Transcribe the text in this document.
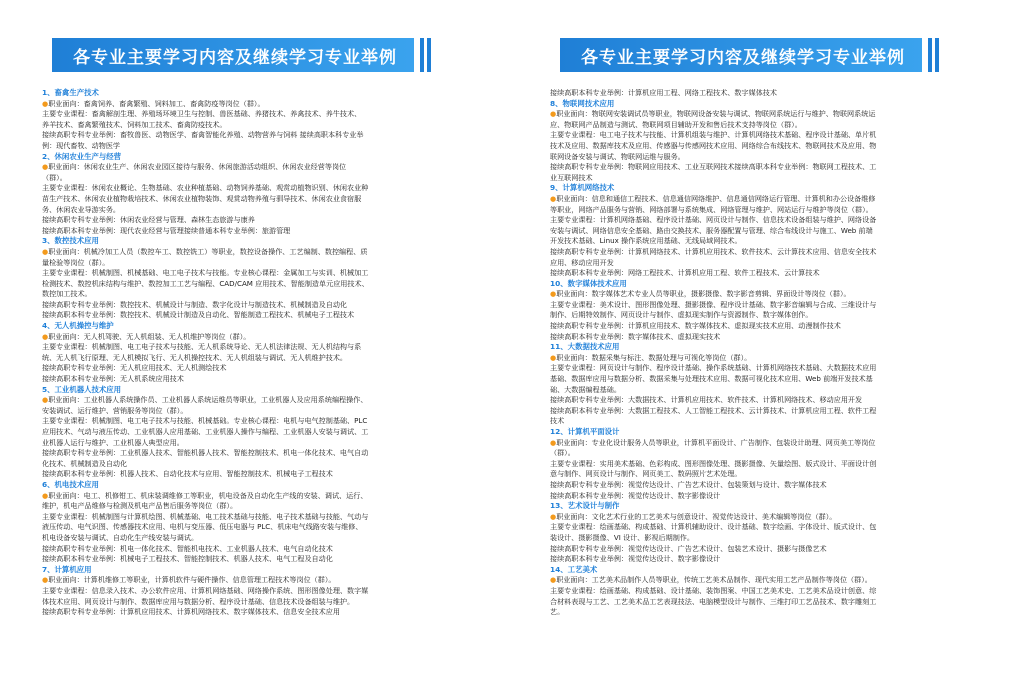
各专业主要学习内容及继续学习专业举例
1、畜禽生产技术
●职业面向：畜禽饲养、畜禽繁殖、饲料加工、畜禽防疫等岗位（群）。
主要专业课程：畜禽解剖生理、养殖场环境卫生与控制、兽医基础、养猪技术、养禽技术、养牛技术、
养羊技术、畜禽繁殖技术、饲料加工技术、畜禽防疫技术。
接续高职专科专业举例：畜牧兽医、动物医学、畜禽智能化养殖、动物营养与饲料 接续高职本科专业举
例：现代畜牧、动物医学
2、休闲农业生产与经营
●职业面向：休闲农业生产、休闲农业园区接待与服务、休闲旅游活动组织、休闲农业经营等岗位
（群）。
主要专业课程：休闲农业概论、生物基础、农业种植基础、动物饲养基础、观赏动植物识别、休闲农业种
苗生产技术、休闲农业植物栽培技术、休闲农业植物装饰、观赏动物养殖与驯导技术、休闲农业食宿服
务、休闲农业导游实务。
接续高职专科专业举例：休闲农业经营与管理、森林生态旅游与康养
接续高职本科专业举例：现代农业经营与管理接续普通本科专业举例：旅游管理
3、数控技术应用
●职业面向：机械冷加工人员（数控车工、数控铣工）等职业，数控设备操作、工艺编制、数控编程、质
量检验等岗位（群）。
主要专业课程：机械制图、机械基础、电工电子技术与技能。专业核心课程：金属加工与实训、机械加工
检测技术、数控机床结构与维护、数控加工工艺与编程、CAD/CAM 应用技术、智能制造单元应用技术、
数控加工技术。
接续高职专科专业举例：数控技术、机械设计与制造、数字化设计与制造技术、机械制造及自动化
接续高职本科专业举例：数控技术、机械设计制造及自动化、智能制造工程技术、机械电子工程技术
4、无人机操控与维护
●职业面向：无人机驾驶、无人机组装、无人机维护等岗位（群）。
主要专业课程：机械制图、电工电子技术与技能、无人机系统导论、无人机法律法规、无人机结构与系
统、无人机飞行原理、无人机模拟飞行、无人机操控技术、无人机组装与调试、无人机维护技术。
接续高职专科专业举例：无人机应用技术、无人机测绘技术
接续高职本科专业举例：无人机系统应用技术
5、工业机器人技术应用
●职业面向：工业机器人系统操作员、工业机器人系统运维员等职业，工业机器人及应用系统编程操作、
安装调试、运行维护、营销服务等岗位（群）。
主要专业课程：机械制图、电工电子技术与技能、机械基础。专业核心课程：电机与电气控制基础、PLC
应用技术、气动与液压传动、工业机器人应用基础、工业机器人操作与编程、工业机器人安装与调试、工
业机器人运行与维护、工业机器人典型应用。
接续高职专科专业举例：工业机器人技术、智能机器人技术、智能控制技术、机电一体化技术、电气自动
化技术、机械制造及自动化
接续高职本科专业举例：机器人技术、自动化技术与应用、智能控制技术、机械电子工程技术
6、机电技术应用
●职业面向：电工、机修钳工、机床装调维修工等职业，机电设备及自动化生产线的安装、调试、运行、
维护，机电产品维修与检测及机电产品售后服务等岗位（群）。
主要专业课程：机械制图与计算机绘图、机械基础、电工技术基础与技能、电子技术基础与技能、气动与
液压传动、电气识图、传感器技术应用、电机与变压器、低压电器与 PLC、机床电气线路安装与维修、
机电设备安装与调试、自动化生产线安装与调试。
接续高职专科专业举例：机电一体化技术、智能机电技术、工业机器人技术、电气自动化技术
接续高职本科专业举例：机械电子工程技术、智能控制技术、机器人技术、电气工程及自动化
7、计算机应用
●职业面向：计算机维修工等职业，计算机软件与硬件操作、信息管理工程技术等岗位（群）。
主要专业课程：信息录入技术、办公软件应用、计算机网络基础、网络操作系统、图形图像处理、数字媒
体技术应用、网页设计与制作、数据库应用与数据分析、程序设计基础、信息技术设备组装与维护。
接续高职专科专业举例：计算机应用技术、计算机网络技术、数字媒体技术、信息安全技术应用
各专业主要学习内容及继续学习专业举例
接续高职本科专业举例：计算机应用工程、网络工程技术、数字媒体技术
8、物联网技术应用
●职业面向：物联网安装调试员等职业，物联网设备安装与调试、物联网系统运行与维护、物联网系统运
应、物联网产品制造与测试、物联网项目辅助开发和售后技术支持等岗位（群）。
主要专业课程：电工电子技术与技能、计算机组装与维护、计算机网络技术基础、程序设计基础、单片机
技术及应用、数据库技术及应用、传感器与传感网技术应用、网络综合布线技术、物联网技术及应用、物
联网设备安装与调试、物联网运维与服务。
接续高职专科专业举例：物联网应用技术、工业互联网技术接续高职本科专业举例：物联网工程技术、工
业互联网技术
9、计算机网络技术
●职业面向：信息和通信工程技术、信息通信网络维护、信息通信网络运行管理、计算机和办公设备维修
等职业，网络产品服务与营销、网络部署与系统集成、网络管理与维护、网站运行与维护等岗位（群）。
主要专业课程：计算机网络基础、程序设计基础、网页设计与制作、信息技术设备组装与维护、网络设备
安装与调试、网络信息安全基础、路由交换技术、服务器配置与管理、综合布线设计与施工、Web 前端
开发技术基础、Linux 操作系统应用基础、无线局域网技术。
接续高职专科专业举例：计算机网络技术、计算机应用技术、软件技术、云计算技术应用、信息安全技术
应用、移动应用开发
接续高职本科专业举例：网络工程技术、计算机应用工程、软件工程技术、云计算技术
10、数字媒体技术应用
●职业面向：数字媒体艺术专业人员等职业，摄影摄像、数字影音剪辑、界面设计等岗位（群）。
主要专业课程：美术设计、图形图像处理、摄影摄像、程序设计基础、数字影音编辑与合成、三维设计与
制作、后期特效制作、网页设计与制作、虚拟现实制作与资源制作、数字媒体创作。
接续高职专科专业举例：计算机应用技术、数字媒体技术、虚拟现实技术应用、动漫制作技术
接续高职本科专业举例：数字媒体技术、虚拟现实技术
11、大数据技术应用
●职业面向：数据采集与标注、数据处理与可视化等岗位（群）。
主要专业课程：网页设计与制作、程序设计基础、操作系统基础、计算机网络技术基础、大数据技术应用
基础、数据库应用与数据分析、数据采集与处理技术应用、数据可视化技术应用、Web 前端开发技术基
础、大数据编程基础。
接续高职专科专业举例：大数据技术、计算机应用技术、软件技术、计算机网络技术、移动应用开发
接续高职本科专业举例：大数据工程技术、人工智能工程技术、云计算技术、计算机应用工程、软件工程
技术
12、计算机平面设计
●职业面向：专业化设计服务人员等职业，计算机平面设计、广告制作、包装设计助理、网页美工等岗位
（群）。
主要专业课程：实用美术基础、色彩构成、图形图像处理、摄影摄像、矢量绘图、版式设计、平面设计创
意与制作、网页设计与制作、网页美工、数码照片艺术处理。
接续高职专科专业举例：视觉传达设计、广告艺术设计、包装策划与设计、数字媒体技术
接续高职本科专业举例：视觉传达设计、数字影像设计
13、艺术设计与制作
●职业面向：文化艺术行业的工艺美术与创意设计、视觉传达设计、美术编辑等岗位（群）。
主要专业课程：绘画基础、构成基础、计算机辅助设计、设计基础、数字绘画、字体设计、版式设计、包
装设计、摄影摄像、VI 设计、影视后期制作。
接续高职专科专业举例：视觉传达设计、广告艺术设计、包装艺术设计、摄影与摄像艺术
接续高职本科专业举例：视觉传达设计、数字影像设计
14、工艺美术
●职业面向：工艺美术品制作人员等职业，传统工艺美术品制作、现代实用工艺产品制作等岗位（群）。
主要专业课程：绘画基础、构成基础、设计基础、装饰图案、中国工艺美术史、工艺美术品设计创意、综
合材料表现与工艺、工艺美术品工艺表现技法、电脑模型设计与制作、三维打印工艺品技术、数字雕刻工
艺。
